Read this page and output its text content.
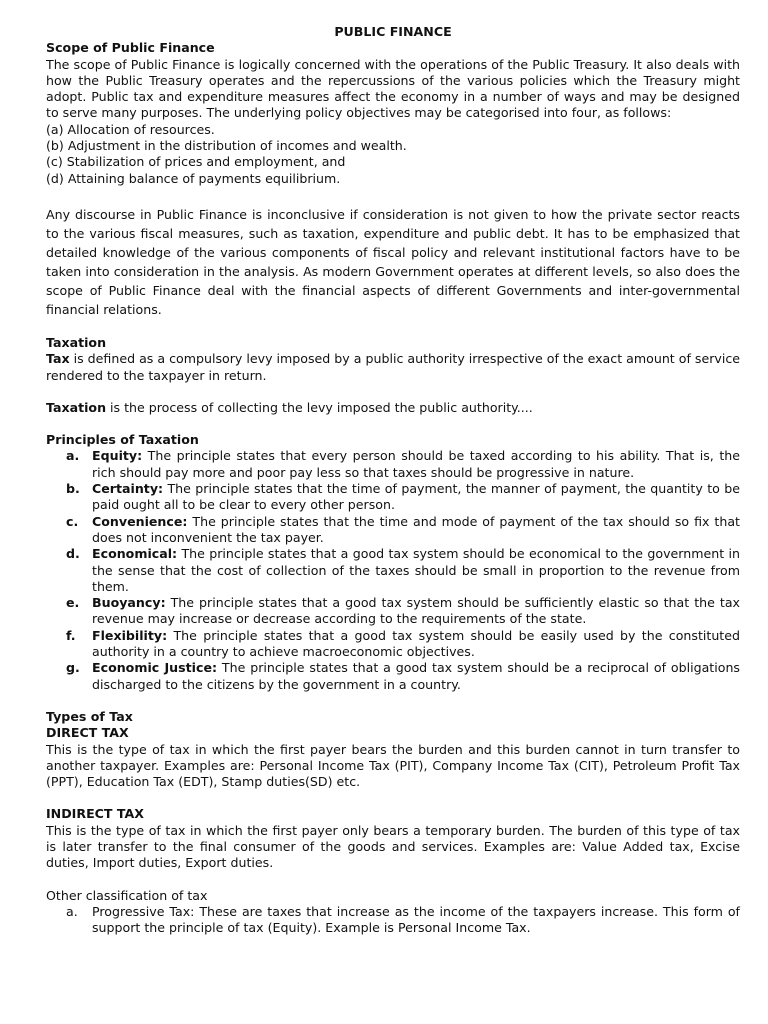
PUBLIC FINANCE
Scope of Public Finance

The scope of Public Finance is logically concerned with the operations of the Public Treasury. It also deals with how the Public Treasury operates and the repercussions of the various policies which the Treasury might adopt. Public tax and expenditure measures affect the economy in a number of ways and may be designed to serve many purposes. The underlying policy objectives may be categorised into four, as follows:

(a) Allocation of resources.
(b) Adjustment in the distribution of incomes and wealth.
(c) Stabilization of prices and employment, and
(d) Attaining balance of payments equilibrium.

Any discourse in Public Finance is inconclusive if consideration is not given to how the private sector reacts to the various fiscal measures, such as taxation, expenditure and public debt. It has to be emphasized that detailed knowledge of the various components of fiscal policy and relevant institutional factors have to be taken into consideration in the analysis. As modern Government operates at different levels, so also does the scope of Public Finance deal with the financial aspects of different Governments and inter-governmental financial relations.

Taxation

Tax is defined as a compulsory levy imposed by a public authority irrespective of the exact amount of service rendered to the taxpayer in return.

Taxation is the process of collecting the levy imposed the public authority....

Principles of Taxation
a. Equity: The principle states that every person should be taxed according to his ability. That is, the rich should pay more and poor pay less so that taxes should be progressive in nature.
b. Certainty: The principle states that the time of payment, the manner of payment, the quantity to be paid ought all to be clear to every other person.
c. Convenience: The principle states that the time and mode of payment of the tax should so fix that does not inconvenient the tax payer.
d. Economical: The principle states that a good tax system should be economical to the government in the sense that the cost of collection of the taxes should be small in proportion to the revenue from them.
e. Buoyancy: The principle states that a good tax system should be sufficiently elastic so that the tax revenue may increase or decrease according to the requirements of the state.
f. Flexibility: The principle states that a good tax system should be easily used by the constituted authority in a country to achieve macroeconomic objectives.
g. Economic Justice: The principle states that a good tax system should be a reciprocal of obligations discharged to the citizens by the government in a country.
Types of Tax
DIRECT TAX

This is the type of tax in which the first payer bears the burden and this burden cannot in turn transfer to another taxpayer. Examples are: Personal Income Tax (PIT), Company Income Tax (CIT), Petroleum Profit Tax (PPT), Education Tax (EDT), Stamp duties(SD) etc.

INDIRECT TAX

This is the type of tax in which the first payer only bears a temporary burden. The burden of this type of tax is later transfer to the final consumer of the goods and services. Examples are: Value Added tax, Excise duties, Import duties, Export duties.

Other classification of tax
a. Progressive Tax: These are taxes that increase as the income of the taxpayers increase. This form of support the principle of tax (Equity). Example is Personal Income Tax.
